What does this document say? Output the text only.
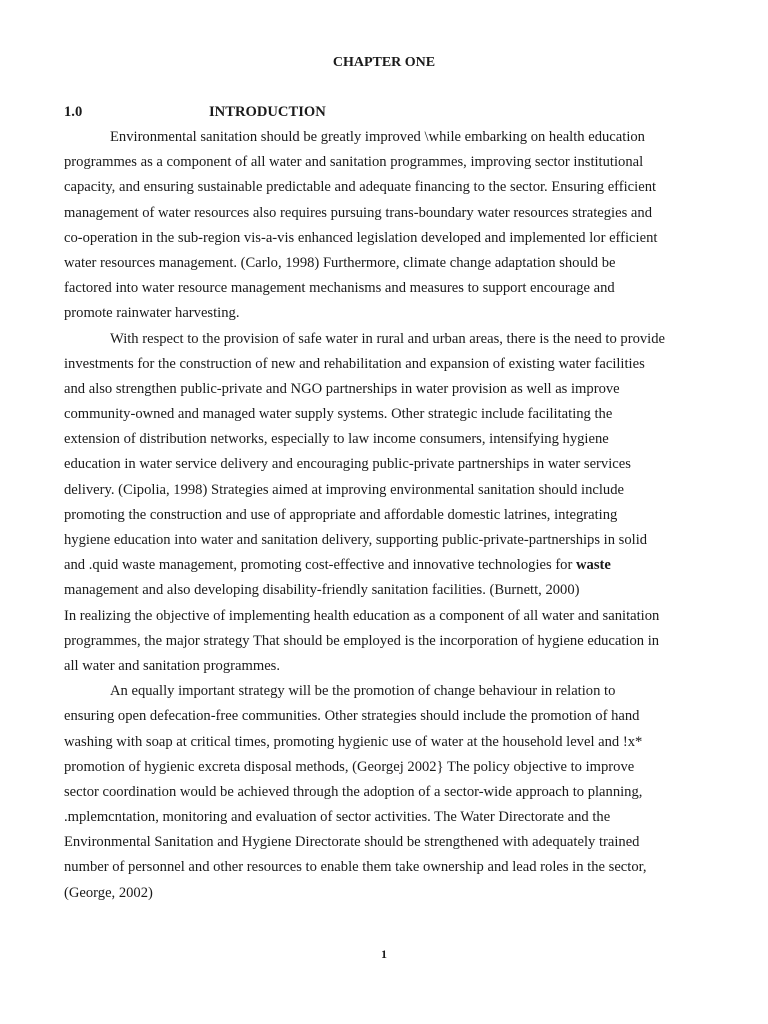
CHAPTER ONE
1.0	INTRODUCTION
Environmental sanitation should be greatly improved \while embarking on health education
programmes as a component of all water and sanitation programmes, improving sector institutional
capacity, and ensuring sustainable predictable and adequate financing to the sector. Ensuring efficient
management of water resources also requires pursuing trans-boundary water resources strategies and
co-operation in the sub-region vis-a-vis enhanced legislation developed and implemented lor efficient
water resources management. (Carlo, 1998) Furthermore, climate change adaptation should be
factored into water resource management mechanisms and measures to support encourage and
promote rainwater harvesting.
With respect to the provision of safe water in rural and urban areas, there is the need to provide
investments for the construction of new and rehabilitation and expansion of existing water facilities
and also strengthen public-private and NGO partnerships in water provision as well as improve
community-owned and managed water supply systems. Other strategic include facilitating the
extension of distribution networks, especially to law income consumers, intensifying hygiene
education in water service delivery and encouraging public-private partnerships in water services
delivery. (Cipolia, 1998) Strategies aimed at improving environmental sanitation should include
promoting the construction and use of appropriate and affordable domestic latrines, integrating
hygiene education into water and sanitation delivery, supporting public-private-partnerships in solid
and .quid waste management, promoting cost-effective and innovative technologies for waste
management and also developing disability-friendly sanitation facilities. (Burnett, 2000)
In realizing the objective of implementing health education as a component of all water and sanitation
programmes, the major strategy That should be employed is the incorporation of hygiene education in
all water and sanitation programmes.
An equally important strategy will be the promotion of change behaviour in relation to
ensuring open defecation-free communities. Other strategies should include the promotion of hand
washing with soap at critical times, promoting hygienic use of water at the household level and !x*
promotion of hygienic excreta disposal methods, (Georgej 2002} The policy objective to improve
sector coordination would be achieved through the adoption of a sector-wide approach to planning,
.mplemcntation, monitoring and evaluation of sector activities. The Water Directorate and the
Environmental Sanitation and Hygiene Directorate should be strengthened with adequately trained
number of personnel and other resources to enable them take ownership and lead roles in the sector,
(George, 2002)
1
